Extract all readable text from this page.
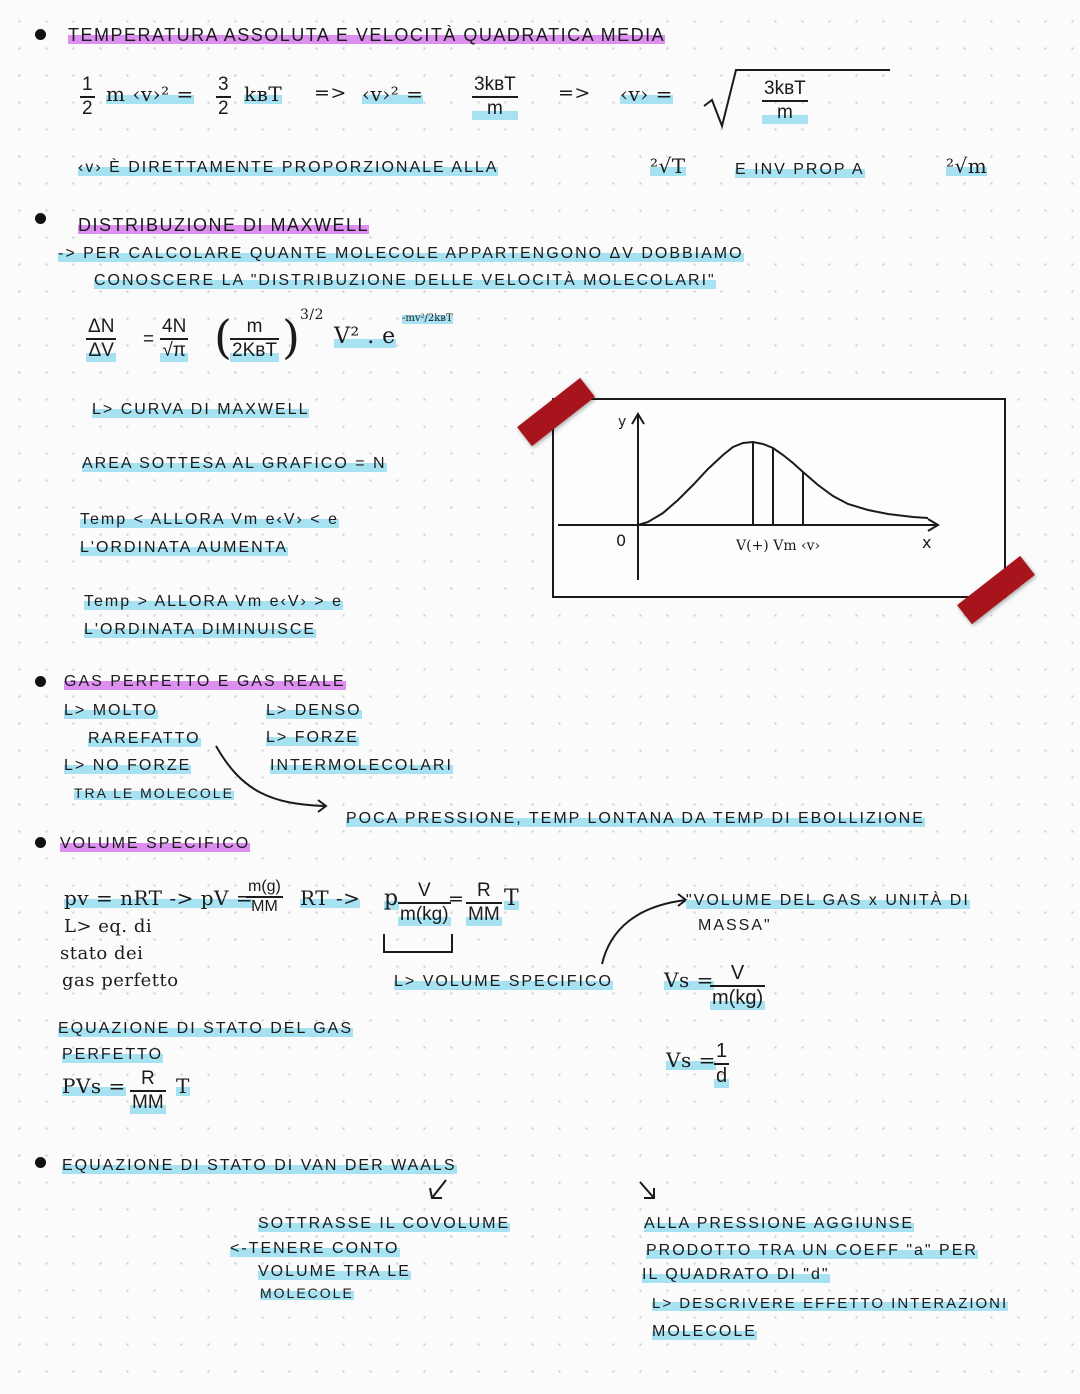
TEMPERATURA ASSOLUTA E VELOCITÀ QUADRATICA MEDIA
$\frac{1}{2}$ m ‹v›² = $\frac{3}{2}$ kʙT => ‹v›² =	3kʙT
m
=> ‹v› =	3kʙT
m
‹v› È DIRETTAMENTE PROPORZIONALE ALLA	²√T	E INV PROP A	²√m
DISTRIBUZIONE DI MAXWELL
-> PER CALCOLARE QUANTE MOLECOLE APPARTENGONO ΔV DOBBIAMO
CONOSCERE LA "DISTRIBUZIONE DELLE VELOCITÀ MOLECOLARI"
$\frac{\Delta N}{\Delta V} = \frac{4N}{√\pi}$ ( m
2KʙT ) 3/2
V² . e
-mv²/2kʙT
L> CURVA DI MAXWELL
AREA SOTTESA AL GRAFICO = N
Temp < ALLORA Vm e‹V› < e
L'ORDINATA AUMENTA
Temp > ALLORA Vm e‹V› > e
L'ORDINATA DIMINUISCE
y
0	x
V(+) Vm ‹v›
GAS PERFETTO E GAS REALE
L> MOLTO
RAREFATTO
L> NO FORZE
TRA LE MOLECOLE
L> DENSO
L> FORZE
INTERMOLECOLARI
POCA PRESSIONE, TEMP LONTANA DA TEMP DI EBOLLIZIONE
VOLUME SPECIFICO
pv = nRT -> pV =
$\frac{m(g)}{MM}$ RT -> p $\frac{V}{m(kg)}$
= $\frac{R}{MM}$ T
L> eq. di
stato dei
gas perfetto	L> VOLUME SPECIFICO
"VOLUME DEL GAS x UNITÀ DI
MASSA"
Vs =
$\frac{V}{m(kg)}$
Vs =
$\frac{1}{d}$
EQUAZIONE DI STATO DEL GAS
PERFETTO
PVs = $\frac{R}{MM}$ T
EQUAZIONE DI STATO DI VAN DER WAALS
SOTTRASSE IL COVOLUME
<-TENERE CONTO
VOLUME TRA LE
MOLECOLE
ALLA PRESSIONE AGGIUNSE
PRODOTTO TRA UN COEFF "a" PER
IL QUADRATO DI "d"
L> DESCRIVERE EFFETTO INTERAZIONI
MOLECOLE
